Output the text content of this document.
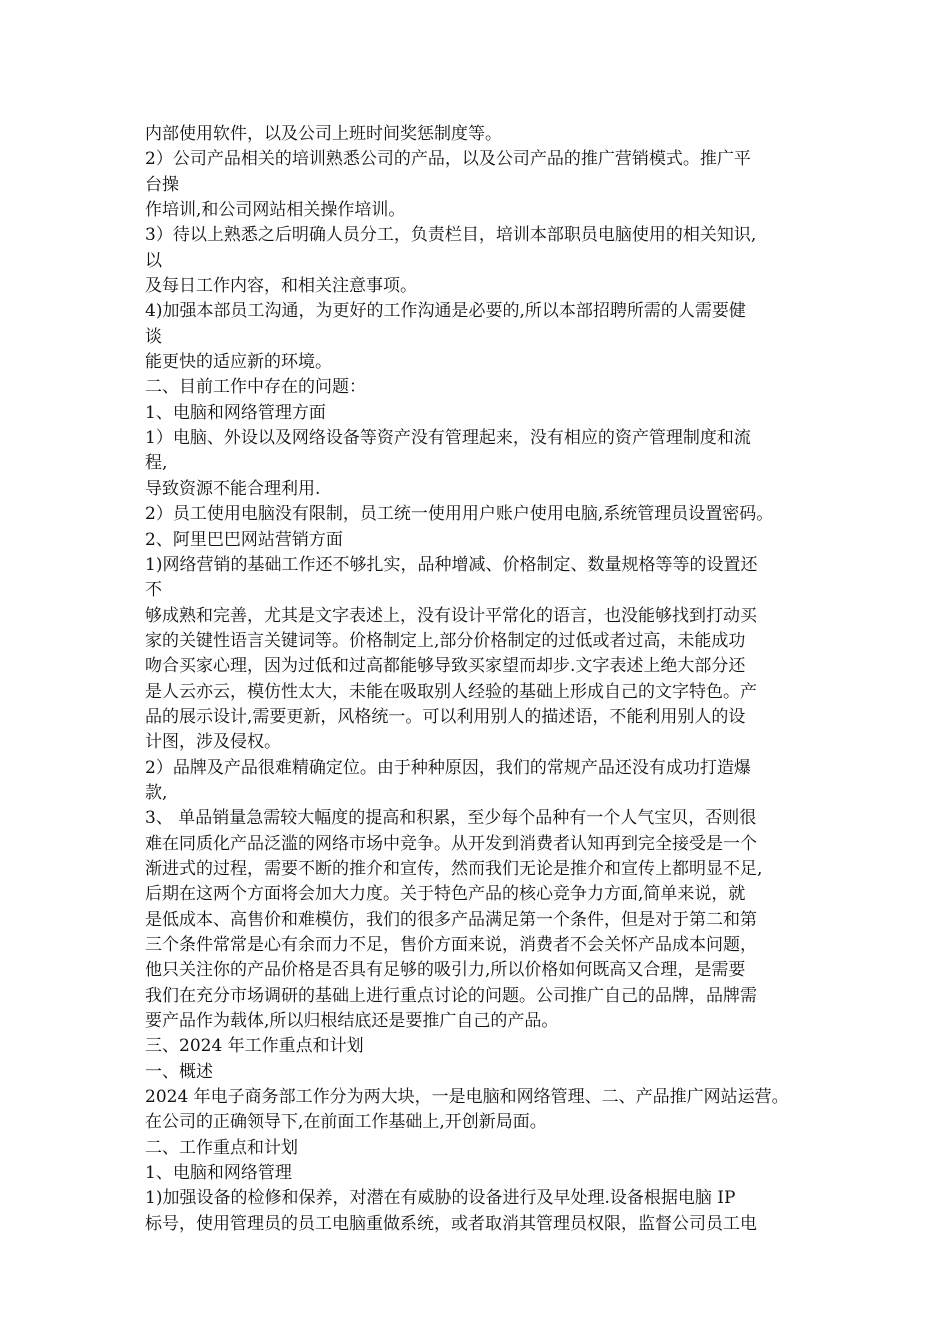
内部使用软件，以及公司上班时间奖惩制度等。
2）公司产品相关的培训熟悉公司的产品，以及公司产品的推广营销模式。推广平
台操
作培训,和公司网站相关操作培训。
3）待以上熟悉之后明确人员分工，负责栏目，培训本部职员电脑使用的相关知识,
以
及每日工作内容，和相关注意事项。
4)加强本部员工沟通，为更好的工作沟通是必要的,所以本部招聘所需的人需要健
谈
能更快的适应新的环境。
二、目前工作中存在的问题：
1、电脑和网络管理方面
1）电脑、外设以及网络设备等资产没有管理起来，没有相应的资产管理制度和流
程,
导致资源不能合理利用.
2）员工使用电脑没有限制，员工统一使用用户账户使用电脑,系统管理员设置密码。
2、阿里巴巴网站营销方面
1)网络营销的基础工作还不够扎实，品种增减、价格制定、数量规格等等的设置还
不
够成熟和完善，尤其是文字表述上，没有设计平常化的语言，也没能够找到打动买
家的关键性语言关键词等。价格制定上,部分价格制定的过低或者过高，未能成功
吻合买家心理，因为过低和过高都能够导致买家望而却步.文字表述上绝大部分还
是人云亦云，模仿性太大，未能在吸取别人经验的基础上形成自己的文字特色。产
品的展示设计,需要更新，风格统一。可以利用别人的描述语，不能利用别人的设
计图，涉及侵权。
2）品牌及产品很难精确定位。由于种种原因，我们的常规产品还没有成功打造爆
款,
3、 单品销量急需较大幅度的提高和积累，至少每个品种有一个人气宝贝，否则很
难在同质化产品泛滥的网络市场中竞争。从开发到消费者认知再到完全接受是一个
渐进式的过程，需要不断的推介和宣传，然而我们无论是推介和宣传上都明显不足,
后期在这两个方面将会加大力度。关于特色产品的核心竞争力方面,简单来说，就
是低成本、高售价和难模仿，我们的很多产品满足第一个条件，但是对于第二和第
三个条件常常是心有余而力不足，售价方面来说，消费者不会关怀产品成本问题，
他只关注你的产品价格是否具有足够的吸引力,所以价格如何既高又合理，是需要
我们在充分市场调研的基础上进行重点讨论的问题。公司推广自己的品牌，品牌需
要产品作为载体,所以归根结底还是要推广自己的产品。
三、2024 年工作重点和计划
一、概述
2024 年电子商务部工作分为两大块，一是电脑和网络管理、二、产品推广网站运营。
在公司的正确领导下,在前面工作基础上,开创新局面。
二、工作重点和计划
1、电脑和网络管理
1)加强设备的检修和保养，对潜在有威胁的设备进行及早处理.设备根据电脑 IP
标号，使用管理员的员工电脑重做系统，或者取消其管理员权限，监督公司员工电
